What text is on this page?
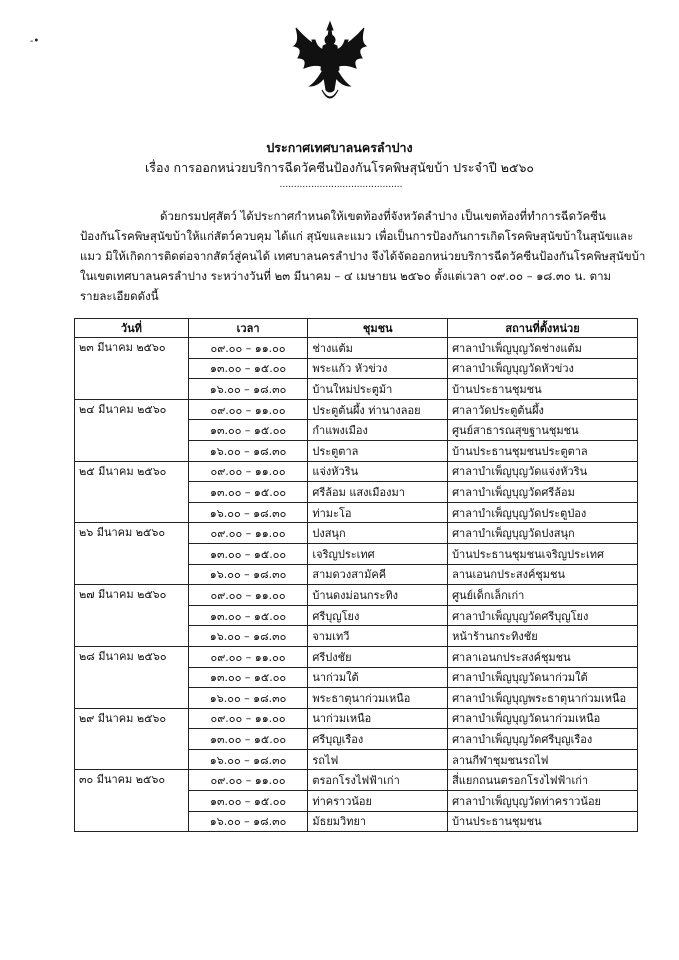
-•
ประกาศเทศบาลนครลำปาง
เรื่อง การออกหน่วยบริการฉีดวัคซีนป้องกันโรคพิษสุนัขบ้า ประจำปี ๒๕๖๐
...........................................

ด้วยกรมปศุสัตว์ ได้ประกาศกำหนดให้เขตท้องที่จังหวัดลำปาง เป็นเขตท้องที่ทำการฉีดวัคซีน

ป้องกันโรคพิษสุนัขบ้าให้แก่สัตว์ควบคุม ได้แก่ สุนัขและแมว เพื่อเป็นการป้องกันการเกิดโรคพิษสุนัขบ้าในสุนัขและ

แมว มิให้เกิดการติดต่อจากสัตว์สู่คนได้ เทศบาลนครลำปาง จึงได้จัดออกหน่วยบริการฉีดวัคซีนป้องกันโรคพิษสุนัขบ้า

ในเขตเทศบาลนครลำปาง ระหว่างวันที่ ๒๓ มีนาคม – ๔ เมษายน ๒๕๖๐ ตั้งแต่เวลา ๐๙.๐๐ – ๑๘.๓๐ น. ตาม

รายละเอียดดังนี้

วันที่	เวลา	ชุมชน	สถานที่ตั้งหน่วย
๒๓ มีนาคม ๒๕๖๐	๐๙.๐๐ – ๑๑.๐๐	ช่างแต้ม	ศาลาบำเพ็ญบุญวัดช่างแต้ม
	๑๓.๐๐ – ๑๕.๐๐	พระแก้ว หัวข่วง	ศาลาบำเพ็ญบุญวัดหัวข่วง
	๑๖.๐๐ – ๑๘.๓๐	บ้านใหม่ประตูม้า	บ้านประธานชุมชน
๒๔ มีนาคม ๒๕๖๐	๐๙.๐๐ – ๑๑.๐๐	ประตูต้นผึ้ง ท่านางลอย	ศาลาวัดประตูต้นผึ้ง
	๑๓.๐๐ – ๑๕.๐๐	กำแพงเมือง	ศูนย์สาธารณสุขฐานชุมชน
	๑๖.๐๐ – ๑๘.๓๐	ประตูตาล	บ้านประธานชุมชนประตูตาล
๒๕ มีนาคม ๒๕๖๐	๐๙.๐๐ – ๑๑.๐๐	แจ่งหัวริน	ศาลาบำเพ็ญบุญวัดแจ่งหัวริน
	๑๓.๐๐ – ๑๕.๐๐	ศรีล้อม แสงเมืองมา	ศาลาบำเพ็ญบุญวัดศรีล้อม
	๑๖.๐๐ – ๑๘.๓๐	ท่ามะโอ	ศาลาบำเพ็ญบุญวัดประตูป่อง
๒๖ มีนาคม ๒๕๖๐	๐๙.๐๐ – ๑๑.๐๐	ปงสนุก	ศาลาบำเพ็ญบุญวัดปงสนุก
	๑๓.๐๐ – ๑๕.๐๐	เจริญประเทศ	บ้านประธานชุมชนเจริญประเทศ
	๑๖.๐๐ – ๑๘.๓๐	สามดวงสามัคคี	ลานเอนกประสงค์ชุมชน
๒๗ มีนาคม ๒๕๖๐	๐๙.๐๐ – ๑๑.๐๐	บ้านดงม่อนกระทิง	ศูนย์เด็กเล็กเก่า
	๑๓.๐๐ – ๑๕.๐๐	ศรีบุญโยง	ศาลาบำเพ็ญบุญวัดศรีบุญโยง
	๑๖.๐๐ – ๑๘.๓๐	จามเทวี	หน้าร้านกระทิงชัย
๒๘ มีนาคม ๒๕๖๐	๐๙.๐๐ – ๑๑.๐๐	ศรีปงชัย	ศาลาเอนกประสงค์ชุมชน
	๑๓.๐๐ – ๑๕.๐๐	นาก่วมใต้	ศาลาบำเพ็ญบุญวัดนาก่วมใต้
	๑๖.๐๐ – ๑๘.๓๐	พระธาตุนาก่วมเหนือ	ศาลาบำเพ็ญบุญพระธาตุนาก่วมเหนือ
๒๙ มีนาคม ๒๕๖๐	๐๙.๐๐ – ๑๑.๐๐	นาก่วมเหนือ	ศาลาบำเพ็ญบุญวัดนาก่วมเหนือ
	๑๓.๐๐ – ๑๕.๐๐	ศรีบุญเรือง	ศาลาบำเพ็ญบุญวัดศรีบุญเรือง
	๑๖.๐๐ – ๑๘.๓๐	รถไฟ	ลานกีฬาชุมชนรถไฟ
๓๐ มีนาคม ๒๕๖๐	๐๙.๐๐ – ๑๑.๐๐	ตรอกโรงไฟฟ้าเก่า	สี่แยกถนนตรอกโรงไฟฟ้าเก่า
	๑๓.๐๐ – ๑๕.๐๐	ท่าคราวน้อย	ศาลาบำเพ็ญบุญวัดท่าคราวน้อย
	๑๖.๐๐ – ๑๘.๓๐	มัธยมวิทยา	บ้านประธานชุมชน
